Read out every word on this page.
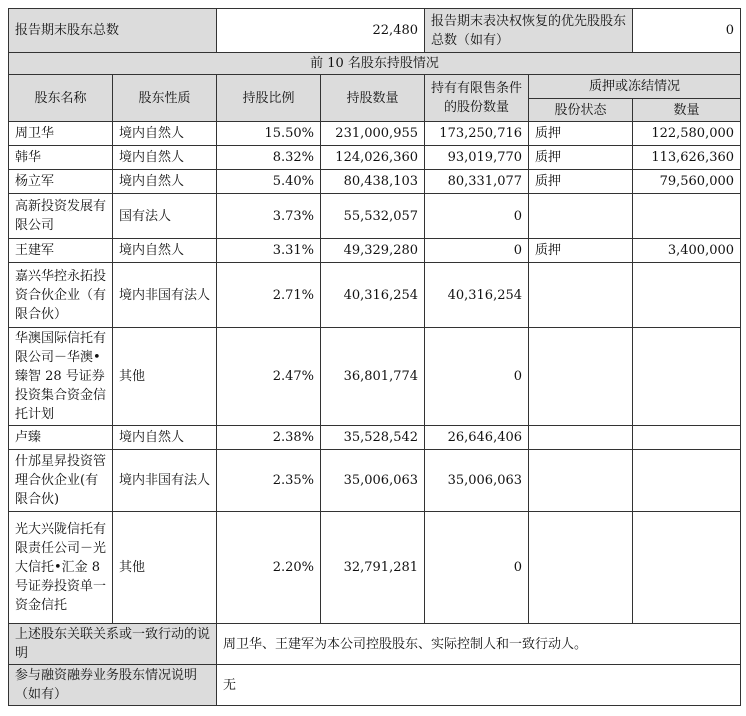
报告期末股东总数		22,480		报告期末表决权恢复的优先股股东总数（如有）		0
前 10 名股东持股情况						
股东名称	股东性质	持股比例	持股数量	持有有限售条件的股份数量	质押或冻结情况	
					股份状态	数量
周卫华	境内自然人	15.50%	231,000,955	173,250,716	质押	122,580,000
韩华	境内自然人	8.32%	124,026,360	93,019,770	质押	113,626,360
杨立军	境内自然人	5.40%	80,438,103	80,331,077	质押	79,560,000
高新投资发展有限公司	国有法人	3.73%	55,532,057	0		
王建军	境内自然人	3.31%	49,329,280	0	质押	3,400,000
嘉兴华控永拓投资合伙企业（有限合伙）	境内非国有法人	2.71%	40,316,254	40,316,254		
华澳国际信托有限公司－华澳•臻智 28 号证券投资集合资金信托计划	其他	2.47%	36,801,774	0		
卢臻	境内自然人	2.38%	35,528,542	26,646,406		
什邡星昇投资管理合伙企业(有限合伙)	境内非国有法人	2.35%	35,006,063	35,006,063		
光大兴陇信托有限责任公司－光大信托•汇金 8 号证券投资单一资金信托	其他	2.20%	32,791,281	0		
上述股东关联关系或一致行动的说明		周卫华、王建军为本公司控股股东、实际控制人和一致行动人。				
参与融资融券业务股东情况说明（如有）		无				
